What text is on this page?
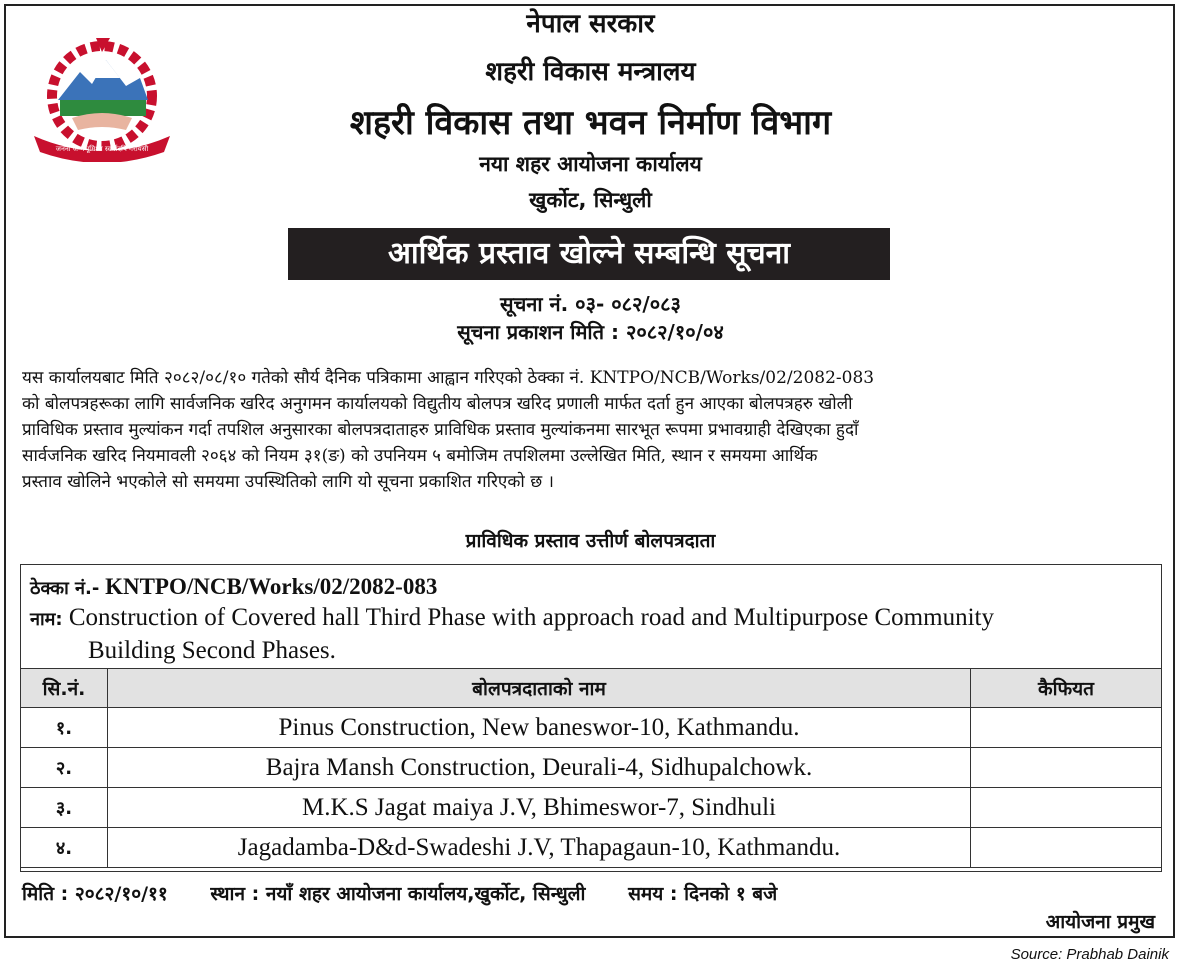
जननी जन्मभूमिश्च स्वर्गादपि गरीयसी
नेपाल सरकार
शहरी विकास मन्त्रालय
शहरी विकास तथा भवन निर्माण विभाग
नया शहर आयोजना कार्यालय
खुर्कोट, सिन्धुली
आर्थिक प्रस्ताव खोल्ने सम्बन्धि सूचना
सूचना नं. ०३- ०८२/०८३
सूचना प्रकाशन मिति : २०८२/१०/०४
यस कार्यालयबाट मिति २०८२/०८/१० गतेको सौर्य दैनिक पत्रिकामा आह्वान गरिएको ठेक्का नं. KNTPO/NCB/Works/02/2082-083
को बोलपत्रहरूका लागि सार्वजनिक खरिद अनुगमन कार्यालयको विद्युतीय बोलपत्र खरिद प्रणाली मार्फत दर्ता हुन आएका बोलपत्रहरु खोली
प्राविधिक प्रस्ताव मुल्यांकन गर्दा तपशिल अनुसारका बोलपत्रदाताहरु प्राविधिक प्रस्ताव मुल्यांकनमा सारभूत रूपमा प्रभावग्राही देखिएका हुदाँ
सार्वजनिक खरिद नियमावली २०६४ को नियम ३१(ङ) को उपनियम ५ बमोजिम तपशिलमा उल्लेखित मिति, स्थान र समयमा आर्थिक
प्रस्ताव खोलिने भएकोले सो समयमा उपस्थितिको लागि यो सूचना प्रकाशित गरिएको छ ।
प्राविधिक प्रस्ताव उत्तीर्ण बोलपत्रदाता
ठेक्का नं.- KNTPO/NCB/Works/02/2082-083
नाम: Construction of Covered hall Third Phase with approach road and Multipurpose Community
Building Second Phases.
सि.नं.	बोलपत्रदाताको नाम	कैफियत
१.	Pinus Construction, New baneswor-10, Kathmandu.	
२.	Bajra Mansh Construction, Deurali-4, Sidhupalchowk.	
३.	M.K.S Jagat maiya J.V, Bhimeswor-7, Sindhuli	
४.	Jagadamba-D&d-Swadeshi J.V, Thapagaun-10, Kathmandu.	
मिति : २०८२/१०/११ स्थान : नयाँ शहर आयोजना कार्यालय,खुर्कोट, सिन्धुली समय : दिनको १ बजे
आयोजना प्रमुख
Source: Prabhab Dainik
